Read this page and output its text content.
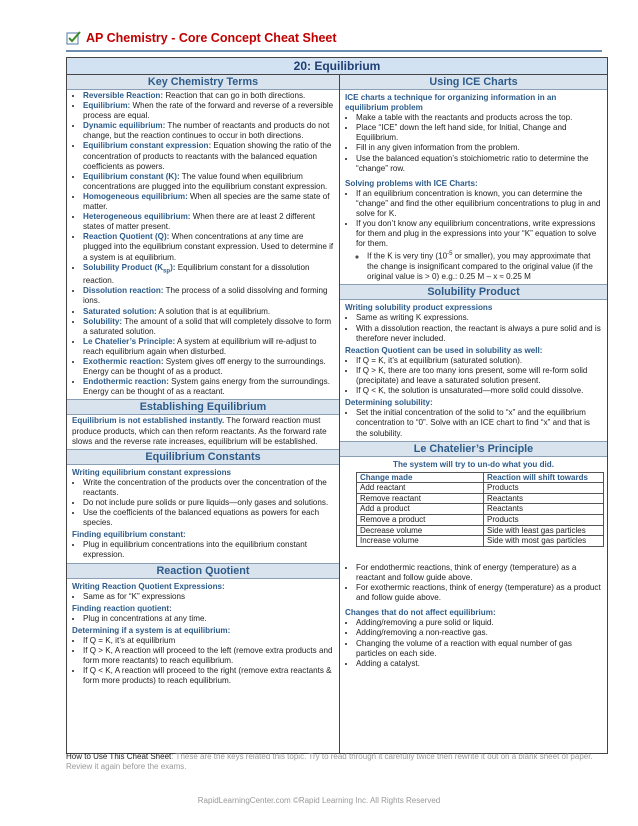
AP Chemistry - Core Concept Cheat Sheet
20: Equilibrium
Key Chemistry Terms
• Reversible Reaction: Reaction that can go in both directions.
• Equilibrium: When the rate of the forward and reverse of a reversible process are equal.
• Dynamic equilibrium: The number of reactants and products do not change, but the reaction continues to occur in both directions.
• Equilibrium constant expression: Equation showing the ratio of the concentration of products to reactants with the balanced equation coefficients as powers.
• Equilibrium constant (K): The value found when equilibrium concentrations are plugged into the equilibrium constant expression.
• Homogeneous equilibrium: When all species are the same state of matter.
• Heterogeneous equilibrium: When there are at least 2 different states of matter present.
• Reaction Quotient (Q): When concentrations at any time are plugged into the equilibrium constant expression. Used to determine if a system is at equilibrium.
• Solubility Product $(K_{sp})$: Equilibrium constant for a dissolution reaction.
• Dissolution reaction: The process of a solid dissolving and forming ions.
• Saturated solution: A solution that is at equilibrium.
• Solubility: The amount of a solid that will completely dissolve to form a saturated solution.
• Le Chatelier’s Principle: A system at equilibrium will re-adjust to reach equilibrium again when disturbed.
• Exothermic reaction: System gives off energy to the surroundings. Energy can be thought of as a product.
• Endothermic reaction: System gains energy from the surroundings. Energy can be thought of as a reactant.
Establishing Equilibrium
Equilibrium is not established instantly. The forward reaction must produce products, which can then reform reactants. As the forward rate slows and the reverse rate increases, equilibrium will be established.
Equilibrium Constants
Writing equilibrium constant expressions
• Write the concentration of the products over the concentration of the reactants.
• Do not include pure solids or pure liquids—only gases and solutions.
• Use the coefficients of the balanced equations as powers for each species.
Finding equilibrium constant:
• Plug in equilibrium concentrations into the equilibrium constant expression.
Reaction Quotient
Writing Reaction Quotient Expressions:
• Same as for “K” expressions
Finding reaction quotient:
• Plug in concentrations at any time.
Determining if a system is at equilibrium:
• If Q = K, it’s at equilibrium
• If Q > K, A reaction will proceed to the left (remove extra products and form more reactants) to reach equilibrium.
• If Q < K, A reaction will proceed to the right (remove extra reactants & form more products) to reach equilibrium.
Using ICE Charts
ICE charts a technique for organizing information in an equilibrium problem
• Make a table with the reactants and products across the top.
• Place “ICE” down the left hand side, for Initial, Change and Equilibrium.
• Fill in any given information from the problem.
• Use the balanced equation’s stoichiometric ratio to determine the “change” row.
Solving problems with ICE Charts:
• If an equilibrium concentration is known, you can determine the “change” and find the other equilibrium concentrations to plug in and solve for K.
• If you don’t know any equilibrium concentrations, write expressions for them and plug in the expressions into your “K” equation to solve for them.
◦ If the K is very tiny ($10^{-5}$ or smaller), you may approximate that the change is insignificant compared to the original value (if the original value is > 0) e.g.: 0.25 M – x ≈ 0.25 M
Solubility Product
Writing solubility product expressions
• Same as writing K expressions.
• With a dissolution reaction, the reactant is always a pure solid and is therefore never included.
Reaction Quotient can be used in solubility as well:
• If Q = K, it’s at equilibrium (saturated solution).
• If Q > K, there are too many ions present, some will re-form solid (precipitate) and leave a saturated solution present.
• If Q < K, the solution is unsaturated—more solid could dissolve.
Determining solubility:
• Set the initial concentration of the solid to “x” and the equilibrium concentration to “0”. Solve with an ICE chart to find “x” and that is the solubility.
Le Chatelier’s Principle
The system will try to un-do what you did.
Change made	Reaction will shift towards
Add reactant	Products
Remove reactant	Reactants
Add a product	Reactants
Remove a product	Products
Decrease volume	Side with least gas particles
Increase volume	Side with most gas particles
• For endothermic reactions, think of energy (temperature) as a reactant and follow guide above.
• For exothermic reactions, think of energy (temperature) as a product and follow guide above.
Changes that do not affect equilibrium:
• Adding/removing a pure solid or liquid.
• Adding/removing a non-reactive gas.
• Changing the volume of a reaction with equal number of gas particles on each side.
• Adding a catalyst.
How to Use This Cheat Sheet: These are the keys related this topic. Try to read through it carefully twice then rewrite it out on a blank sheet of paper. Review it again before the exams.
RapidLearningCenter.com ©Rapid Learning Inc. All Rights Reserved
